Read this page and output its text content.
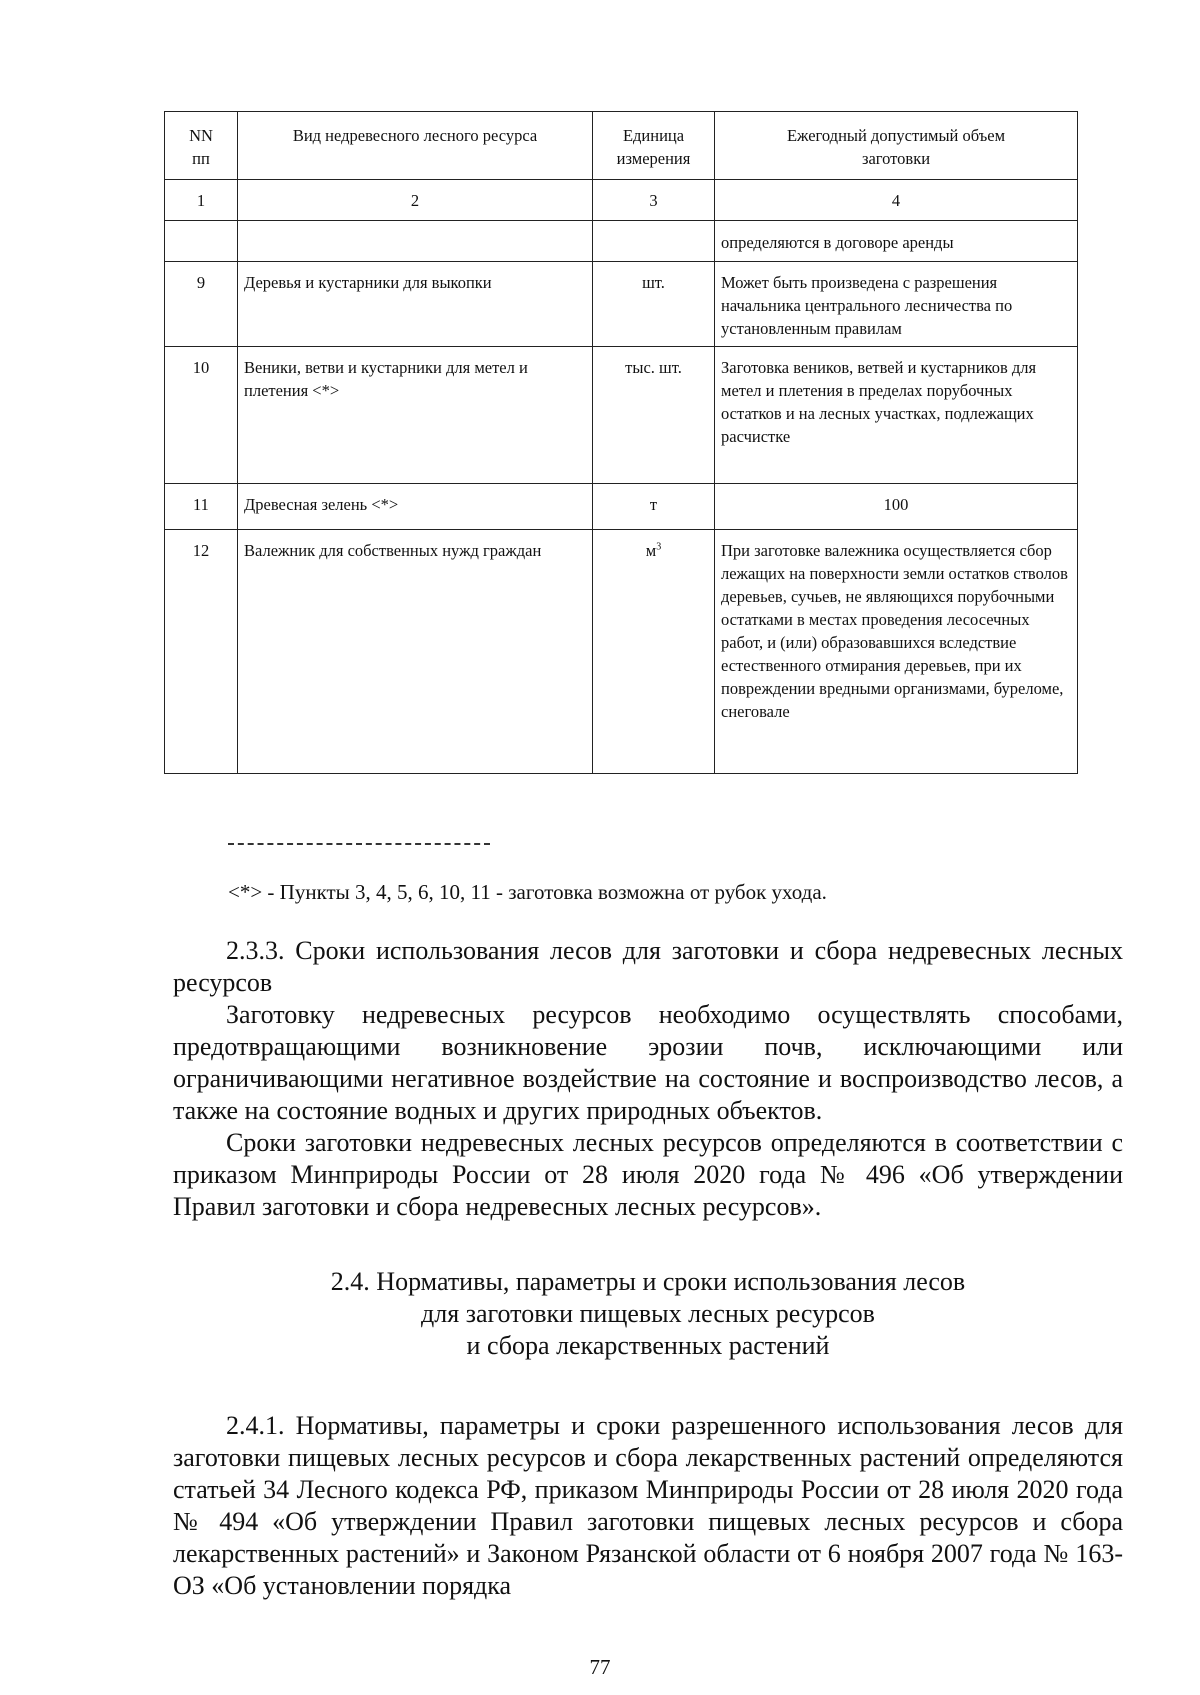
NN пп	Вид недревесного лесного ресурса	Единица измерения	Ежегодный допустимый объем заготовки
1	2	3	4
			определяются в договоре аренды
9	Деревья и кустарники для выкопки	шт.	Может быть произведена с разрешения начальника центрального лесничества по установленным правилам
10	Веники, ветви и кустарники для метел и плетения <*>	тыс. шт.	Заготовка веников, ветвей и кустарников для метел и плетения в пределах порубочных остатков и на лесных участках, подлежащих расчистке
11	Древесная зелень <*>	т	100
12	Валежник для собственных нужд граждан	$м^3$	При заготовке валежника осуществляется сбор лежащих на поверхности земли остатков стволов деревьев, сучьев, не являющихся порубочными остатками в местах проведения лесосечных работ, и (или) образовавшихся вследствие естественного отмирания деревьев, при их повреждении вредными организмами, буреломе, снеговале
<*> - Пункты 3, 4, 5, 6, 10, 11 - заготовка возможна от рубок ухода.

2.3.3. Сроки использования лесов для заготовки и сбора недревесных лесных ресурсов

Заготовку недревесных ресурсов необходимо осуществлять способами, предотвращающими возникновение эрозии почв, исключающими или ограничивающими негативное воздействие на состояние и воспроизводство лесов, а также на состояние водных и других природных объектов.

Сроки заготовки недревесных лесных ресурсов определяются в соответствии с приказом Минприроды России от 28 июля 2020 года № 496 «Об утверждении Правил заготовки и сбора недревесных лесных ресурсов».

2.4. Нормативы, параметры и сроки использования лесов
для заготовки пищевых лесных ресурсов
и сбора лекарственных растений

2.4.1. Нормативы, параметры и сроки разрешенного использования лесов для заготовки пищевых лесных ресурсов и сбора лекарственных растений определяются статьей 34 Лесного кодекса РФ, приказом Минприроды России от 28 июля 2020 года № 494 «Об утверждении Правил заготовки пищевых лесных ресурсов и сбора лекарственных растений» и Законом Рязанской области от 6 ноября 2007 года № 163-ОЗ «Об установлении порядка

77
